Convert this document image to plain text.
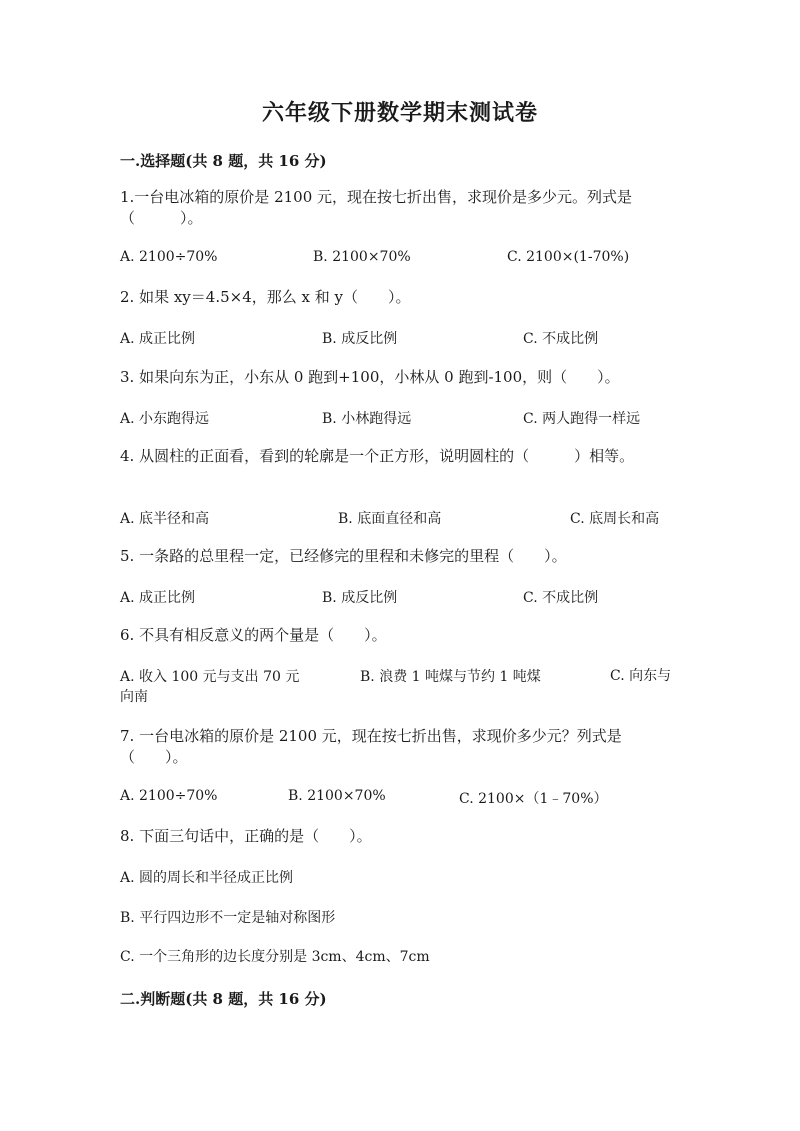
六年级下册数学期末测试卷
一.选择题(共 8 题，共 16 分)
1.一台电冰箱的原价是 2100 元，现在按七折出售，求现价是多少元。列式是（　　　）。
A. 2100÷70%	B. 2100×70%	C. 2100×(1-70%)
2. 如果 xy＝4.5×4，那么 x 和 y（　　）。
A. 成正比例	B. 成反比例	C. 不成比例
3. 如果向东为正，小东从 0 跑到+100，小林从 0 跑到-100，则（　　）。
A. 小东跑得远	B. 小林跑得远	C. 两人跑得一样远
4. 从圆柱的正面看，看到的轮廓是一个正方形，说明圆柱的（　　　）相等。
A. 底半径和高	B. 底面直径和高	C. 底周长和高
5. 一条路的总里程一定，已经修完的里程和未修完的里程（　　）。
A. 成正比例	B. 成反比例	C. 不成比例
6. 不具有相反意义的两个量是（　　）。
A. 收入 100 元与支出 70 元	B. 浪费 1 吨煤与节约 1 吨煤	C. 向东与向南
7. 一台电冰箱的原价是 2100 元，现在按七折出售，求现价多少元？列式是（　　）。
A. 2100÷70%	B. 2100×70%	C. 2100×（1﹣70%）
8. 下面三句话中，正确的是（　　）。
A. 圆的周长和半径成正比例
B. 平行四边形不一定是轴对称图形
C. 一个三角形的边长度分别是 3cm、4cm、7cm
二.判断题(共 8 题，共 16 分)
